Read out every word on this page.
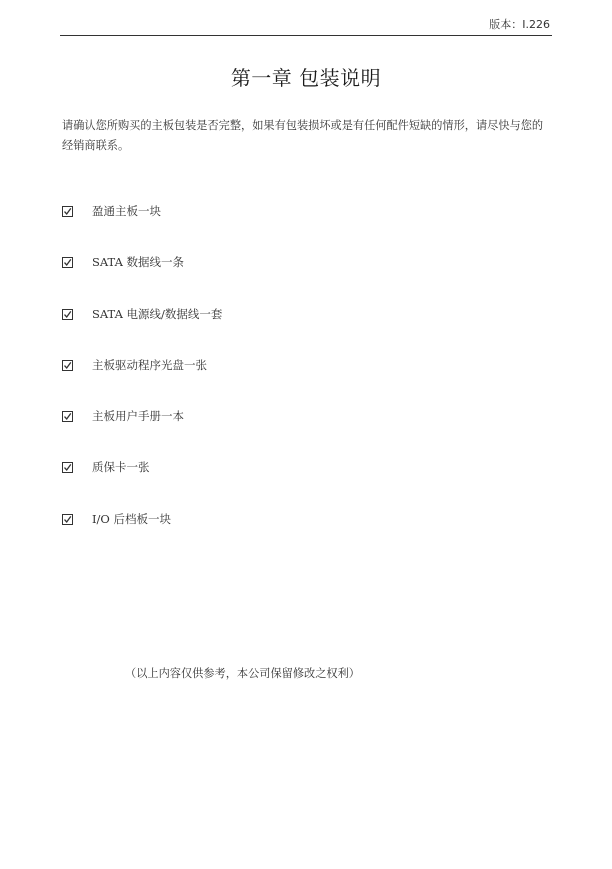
版本：I.226
第一章 包装说明

请确认您所购买的主板包装是否完整，如果有包装损坏或是有任何配件短缺的情形，请尽快与您的经销商联系。

盈通主板一块
SATA 数据线一条
SATA 电源线/数据线一套
主板驱动程序光盘一张
主板用户手册一本
质保卡一张
I/O 后档板一块
（以上内容仅供参考，本公司保留修改之权利）
